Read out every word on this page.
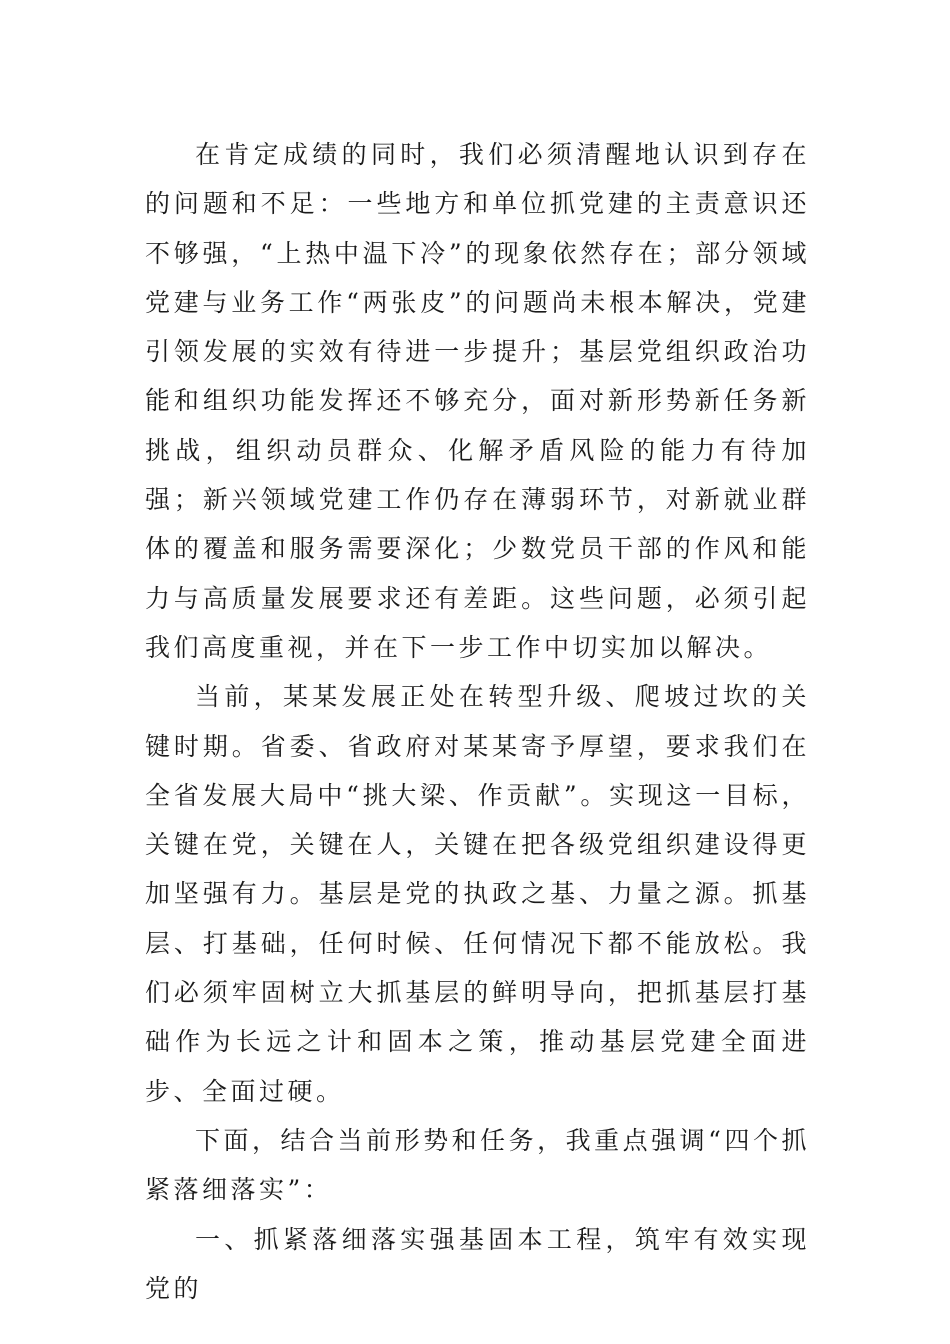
在肯定成绩的同时，我们必须清醒地认识到存在的问题和不足：一些地方和单位抓党建的主责意识还不够强，“上热中温下冷”的现象依然存在；部分领域党建与业务工作“两张皮”的问题尚未根本解决，党建引领发展的实效有待进一步提升；基层党组织政治功能和组织功能发挥还不够充分，面对新形势新任务新挑战，组织动员群众、化解矛盾风险的能力有待加强；新兴领域党建工作仍存在薄弱环节，对新就业群体的覆盖和服务需要深化；少数党员干部的作风和能力与高质量发展要求还有差距。这些问题，必须引起我们高度重视，并在下一步工作中切实加以解决。

当前，某某发展正处在转型升级、爬坡过坎的关键时期。省委、省政府对某某寄予厚望，要求我们在全省发展大局中“挑大梁、作贡献”。实现这一目标，关键在党，关键在人，关键在把各级党组织建设得更加坚强有力。基层是党的执政之基、力量之源。抓基层、打基础，任何时候、任何情况下都不能放松。我们必须牢固树立大抓基层的鲜明导向，把抓基层打基础作为长远之计和固本之策，推动基层党建全面进步、全面过硬。

下面，结合当前形势和任务，我重点强调“四个抓紧落细落实”：

一、抓紧落细落实强基固本工程，筑牢有效实现党的
